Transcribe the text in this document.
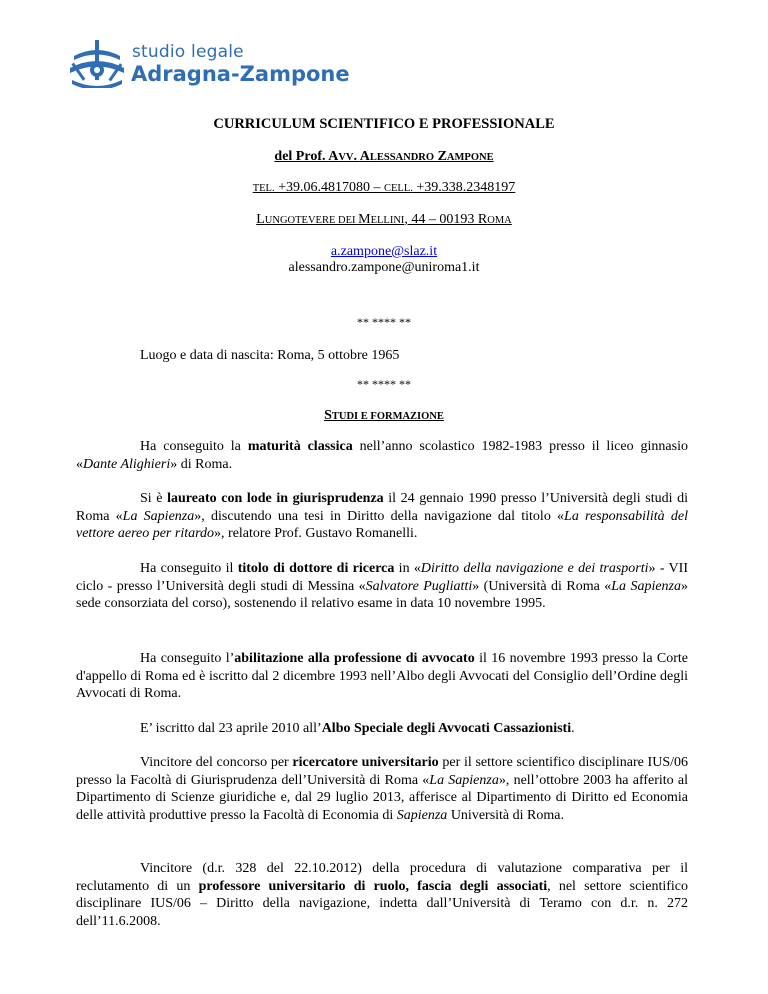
studio legale
Adragna-Zampone
CURRICULUM SCIENTIFICO E PROFESSIONALE
del Prof. AVV. ALESSANDRO ZAMPONE
TEL. +39.06.4817080 – CELL. +39.338.2348197
LUNGOTEVERE DEI MELLINI, 44 – 00193 ROMA
a.zampone@slaz.it
alessandro.zampone@uniroma1.it
** **** **
Luogo e data di nascita: Roma, 5 ottobre 1965
** **** **
STUDI E FORMAZIONE

Ha conseguito la maturità classica nell’anno scolastico 1982-1983 presso il liceo ginnasio «Dante Alighieri» di Roma.

Si è laureato con lode in giurisprudenza il 24 gennaio 1990 presso l’Università degli studi di Roma «La Sapienza», discutendo una tesi in Diritto della navigazione dal titolo «La responsabilità del vettore aereo per ritardo», relatore Prof. Gustavo Romanelli.

Ha conseguito il titolo di dottore di ricerca in «Diritto della navigazione e dei trasporti» - VII ciclo - presso l’Università degli studi di Messina «Salvatore Pugliatti» (Università di Roma «La Sapienza» sede consorziata del corso), sostenendo il relativo esame in data 10 novembre 1995.

Ha conseguito l’abilitazione alla professione di avvocato il 16 novembre 1993 presso la Corte d'appello di Roma ed è iscritto dal 2 dicembre 1993 nell’Albo degli Avvocati del Consiglio dell’Ordine degli Avvocati di Roma.

E’ iscritto dal 23 aprile 2010 all’Albo Speciale degli Avvocati Cassazionisti.

Vincitore del concorso per ricercatore universitario per il settore scientifico disciplinare IUS/06 presso la Facoltà di Giurisprudenza dell’Università di Roma «La Sapienza», nell’ottobre 2003 ha afferito al Dipartimento di Scienze giuridiche e, dal 29 luglio 2013, afferisce al Dipartimento di Diritto ed Economia delle attività produttive presso la Facoltà di Economia di Sapienza Università di Roma.

Vincitore (d.r. 328 del 22.10.2012) della procedura di valutazione comparativa per il reclutamento di un professore universitario di ruolo, fascia degli associati, nel settore scientifico disciplinare IUS/06 – Diritto della navigazione, indetta dall’Università di Teramo con d.r. n. 272 dell’11.6.2008.
